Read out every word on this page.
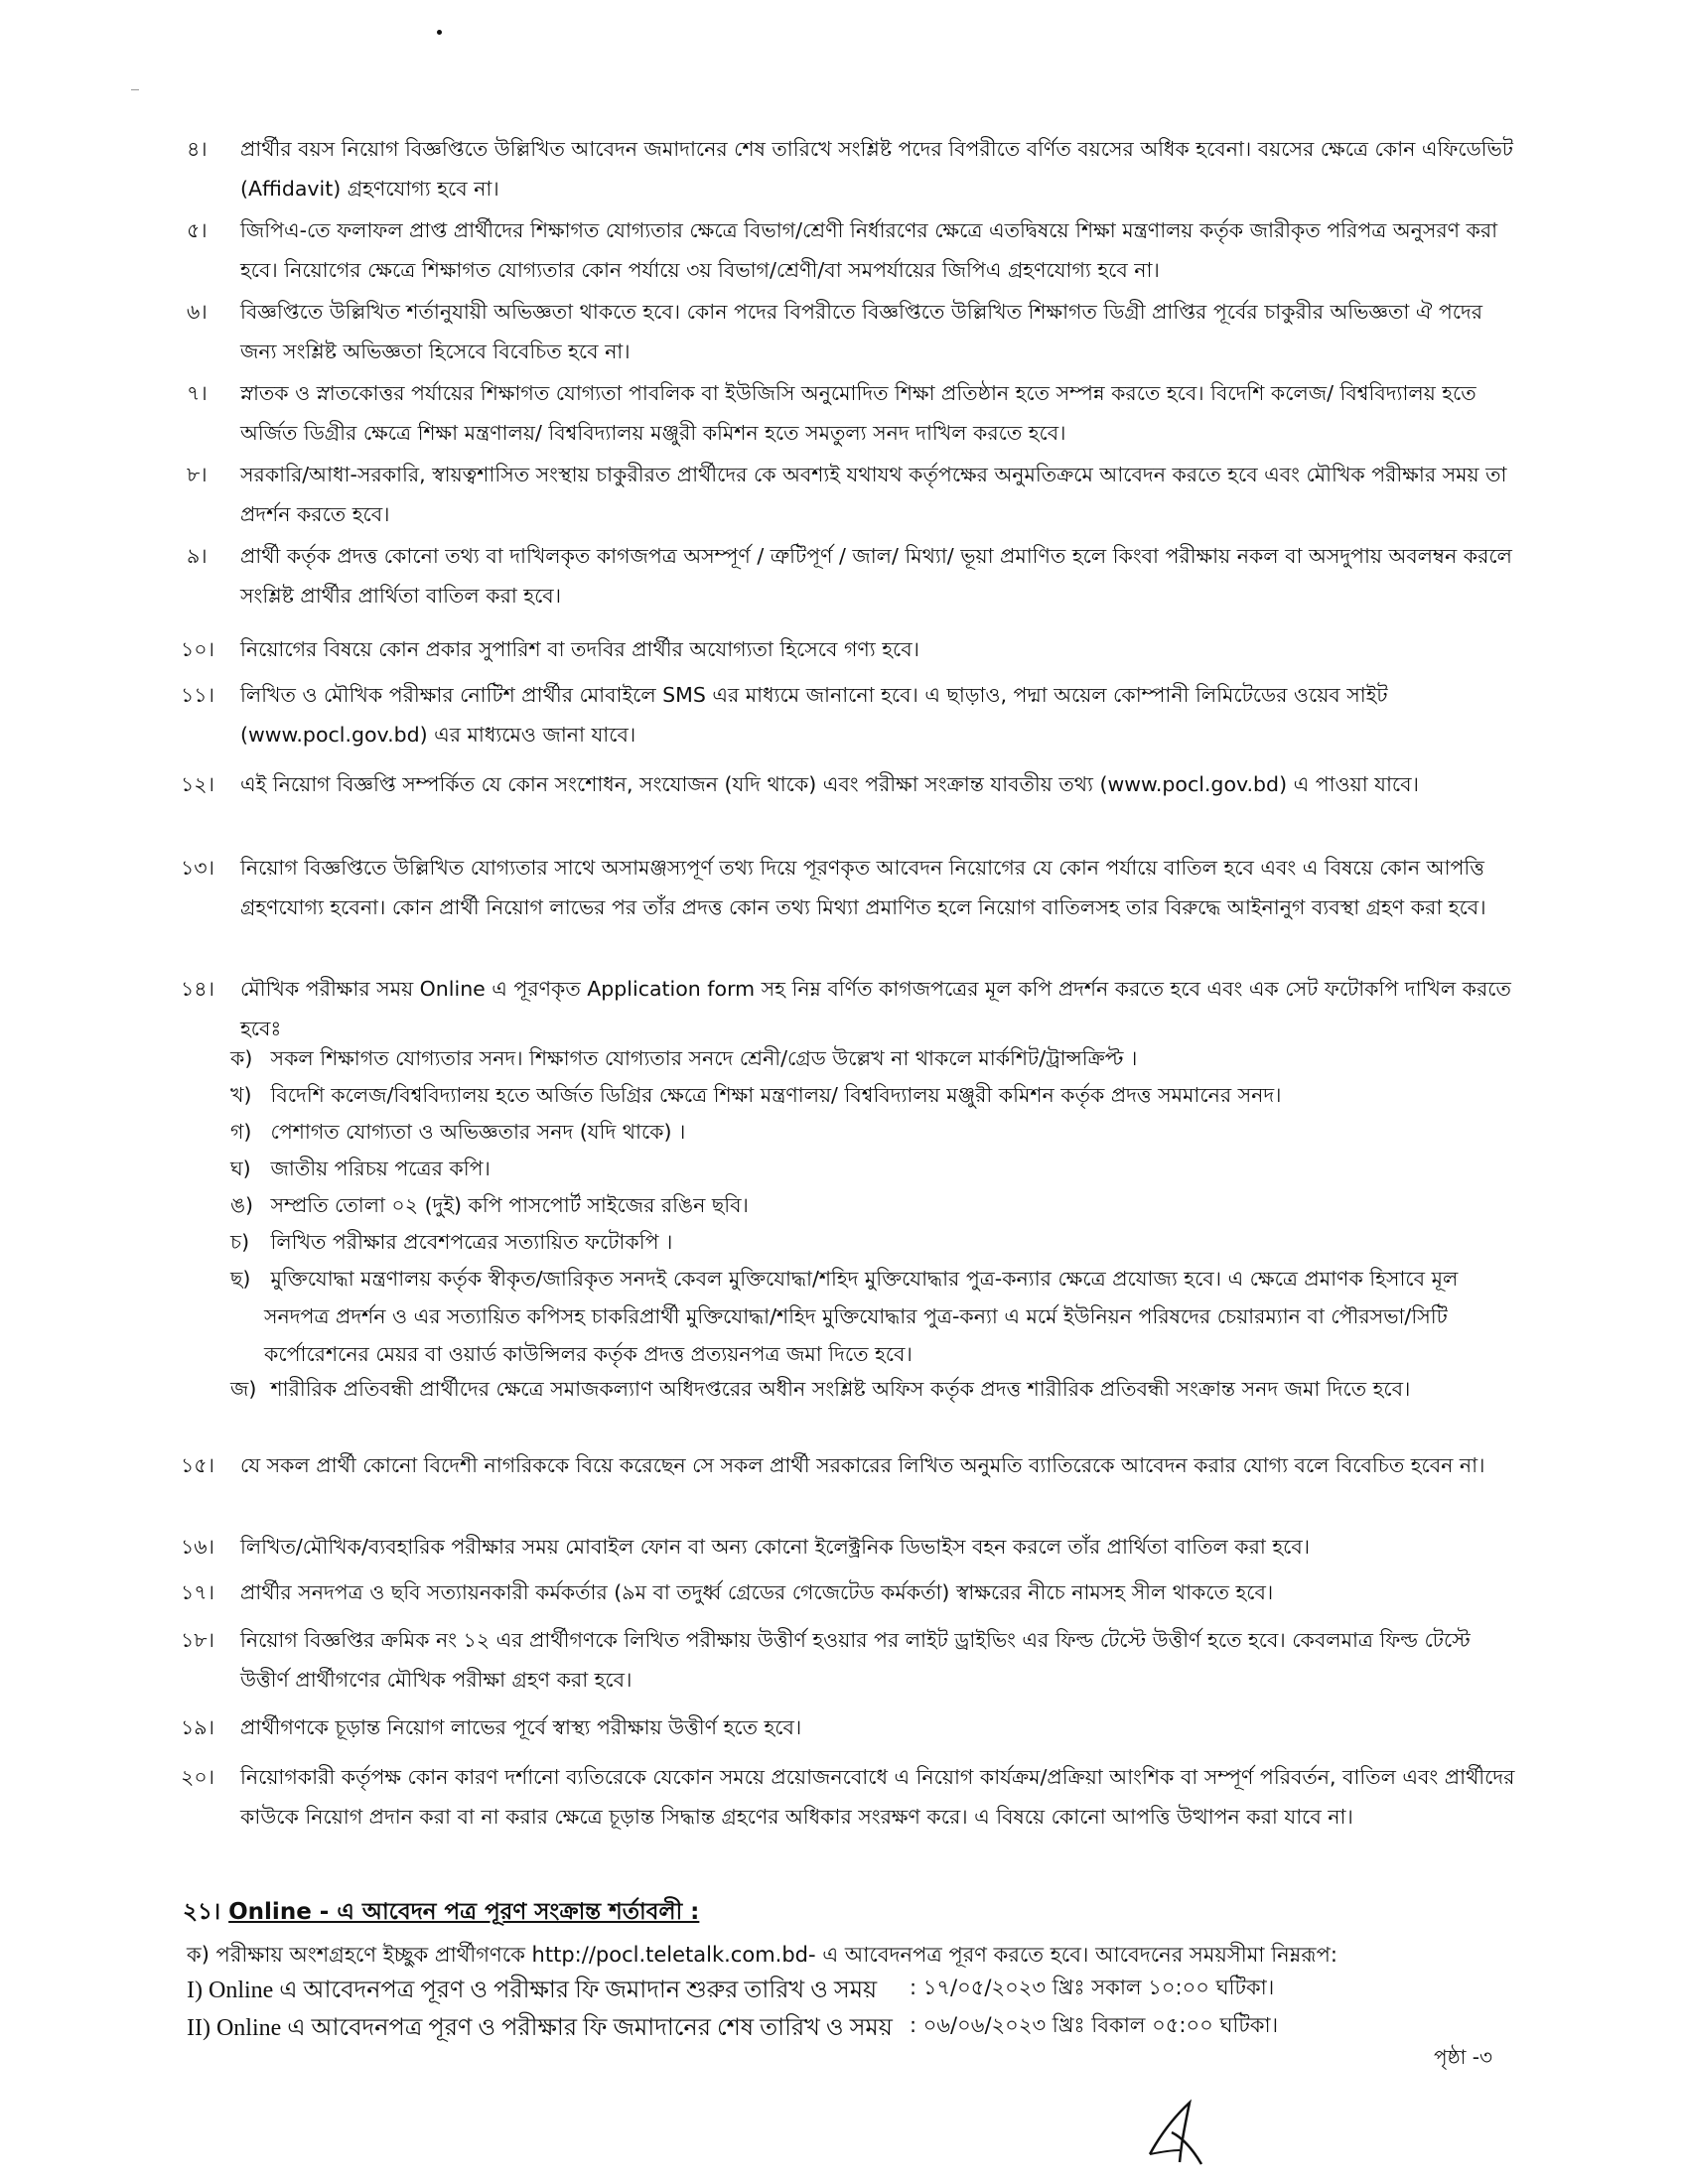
৪। প্রার্থীর বয়স নিয়োগ বিজ্ঞপ্তিতে উল্লিখিত আবেদন জমাদানের শেষ তারিখে সংশ্লিষ্ট পদের বিপরীতে বর্ণিত বয়সের অধিক হবেনা। বয়সের ক্ষেত্রে কোন এফিডেভিট (Affidavit) গ্রহণযোগ্য হবে না।
৫। জিপিএ-তে ফলাফল প্রাপ্ত প্রার্থীদের শিক্ষাগত যোগ্যতার ক্ষেত্রে বিভাগ/শ্রেণী নির্ধারণের ক্ষেত্রে এতদ্বিষয়ে শিক্ষা মন্ত্রণালয় কর্তৃক জারীকৃত পরিপত্র অনুসরণ করা হবে। নিয়োগের ক্ষেত্রে শিক্ষাগত যোগ্যতার কোন পর্যায়ে ৩য় বিভাগ/শ্রেণী/বা সমপর্যায়ের জিপিএ গ্রহণযোগ্য হবে না।
৬। বিজ্ঞপ্তিতে উল্লিখিত শর্তানুযায়ী অভিজ্ঞতা থাকতে হবে। কোন পদের বিপরীতে বিজ্ঞপ্তিতে উল্লিখিত শিক্ষাগত ডিগ্রী প্রাপ্তির পূর্বের চাকুরীর অভিজ্ঞতা ঐ পদের জন্য সংশ্লিষ্ট অভিজ্ঞতা হিসেবে বিবেচিত হবে না।
৭। স্নাতক ও স্নাতকোত্তর পর্যায়ের শিক্ষাগত যোগ্যতা পাবলিক বা ইউজিসি অনুমোদিত শিক্ষা প্রতিষ্ঠান হতে সম্পন্ন করতে হবে। বিদেশি কলেজ/ বিশ্ববিদ্যালয় হতে অর্জিত ডিগ্রীর ক্ষেত্রে শিক্ষা মন্ত্রণালয়/ বিশ্ববিদ্যালয় মঞ্জুরী কমিশন হতে সমতুল্য সনদ দাখিল করতে হবে।
৮। সরকারি/আধা-সরকারি, স্বায়ত্বশাসিত সংস্থায় চাকুরীরত প্রার্থীদের কে অবশ্যই যথাযথ কর্তৃপক্ষের অনুমতিক্রমে আবেদন করতে হবে এবং মৌখিক পরীক্ষার সময় তা প্রদর্শন করতে হবে।
৯। প্রার্থী কর্তৃক প্রদত্ত কোনো তথ্য বা দাখিলকৃত কাগজপত্র অসম্পূর্ণ / ত্রুটিপূর্ণ / জাল/ মিথ্যা/ ভূয়া প্রমাণিত হলে কিংবা পরীক্ষায় নকল বা অসদুপায় অবলম্বন করলে সংশ্লিষ্ট প্রার্থীর প্রার্থিতা বাতিল করা হবে।
১০। নিয়োগের বিষয়ে কোন প্রকার সুপারিশ বা তদবির প্রার্থীর অযোগ্যতা হিসেবে গণ্য হবে।
১১। লিখিত ও মৌখিক পরীক্ষার নোটিশ প্রার্থীর মোবাইলে SMS এর মাধ্যমে জানানো হবে। এ ছাড়াও, পদ্মা অয়েল কোম্পানী লিমিটেডের ওয়েব সাইট (www.pocl.gov.bd) এর মাধ্যমেও জানা যাবে।
১২। এই নিয়োগ বিজ্ঞপ্তি সম্পর্কিত যে কোন সংশোধন, সংযোজন (যদি থাকে) এবং পরীক্ষা সংক্রান্ত যাবতীয় তথ্য (www.pocl.gov.bd) এ পাওয়া যাবে।
১৩। নিয়োগ বিজ্ঞপ্তিতে উল্লিখিত যোগ্যতার সাথে অসামঞ্জস্যপূর্ণ তথ্য দিয়ে পূরণকৃত আবেদন নিয়োগের যে কোন পর্যায়ে বাতিল হবে এবং এ বিষয়ে কোন আপত্তি গ্রহণযোগ্য হবেনা। কোন প্রার্থী নিয়োগ লাভের পর তাঁর প্রদত্ত কোন তথ্য মিথ্যা প্রমাণিত হলে নিয়োগ বাতিলসহ তার বিরুদ্ধে আইনানুগ ব্যবস্থা গ্রহণ করা হবে।
১৪। মৌখিক পরীক্ষার সময় Online এ পূরণকৃত Application form সহ নিম্ন বর্ণিত কাগজপত্রের মূল কপি প্রদর্শন করতে হবে এবং এক সেট ফটোকপি দাখিল করতে হবেঃ
ক) সকল শিক্ষাগত যোগ্যতার সনদ। শিক্ষাগত যোগ্যতার সনদে শ্রেনী/গ্রেড উল্লেখ না থাকলে মার্কশিট/ট্রান্সক্রিপ্ট ।
খ) বিদেশি কলেজ/বিশ্ববিদ্যালয় হতে অর্জিত ডিগ্রির ক্ষেত্রে শিক্ষা মন্ত্রণালয়/ বিশ্ববিদ্যালয় মঞ্জুরী কমিশন কর্তৃক প্রদত্ত সমমানের সনদ।
গ) পেশাগত যোগ্যতা ও অভিজ্ঞতার সনদ (যদি থাকে) ।
ঘ) জাতীয় পরিচয় পত্রের কপি।
ঙ) সম্প্রতি তোলা ০২ (দুই) কপি পাসপোর্ট সাইজের রঙিন ছবি।
চ) লিখিত পরীক্ষার প্রবেশপত্রের সত্যায়িত ফটোকপি ।
ছ) মুক্তিযোদ্ধা মন্ত্রণালয় কর্তৃক স্বীকৃত/জারিকৃত সনদই কেবল মুক্তিযোদ্ধা/শহিদ মুক্তিযোদ্ধার পুত্র-কন্যার ক্ষেত্রে প্রযোজ্য হবে। এ ক্ষেত্রে প্রমাণক হিসাবে মূল সনদপত্র প্রদর্শন ও এর সত্যায়িত কপিসহ চাকরিপ্রার্থী মুক্তিযোদ্ধা/শহিদ মুক্তিযোদ্ধার পুত্র-কন্যা এ মর্মে ইউনিয়ন পরিষদের চেয়ারম্যান বা পৌরসভা/সিটি কর্পোরেশনের মেয়র বা ওয়ার্ড কাউন্সিলর কর্তৃক প্রদত্ত প্রত্যয়নপত্র জমা দিতে হবে।
জ) শারীরিক প্রতিবন্ধী প্রার্থীদের ক্ষেত্রে সমাজকল্যাণ অধিদপ্তরের অধীন সংশ্লিষ্ট অফিস কর্তৃক প্রদত্ত শারীরিক প্রতিবন্ধী সংক্রান্ত সনদ জমা দিতে হবে।
১৫। যে সকল প্রার্থী কোনো বিদেশী নাগরিককে বিয়ে করেছেন সে সকল প্রার্থী সরকারের লিখিত অনুমতি ব্যাতিরেকে আবেদন করার যোগ্য বলে বিবেচিত হবেন না।
১৬। লিখিত/মৌখিক/ব্যবহারিক পরীক্ষার সময় মোবাইল ফোন বা অন্য কোনো ইলেক্ট্রনিক ডিভাইস বহন করলে তাঁর প্রার্থিতা বাতিল করা হবে।
১৭। প্রার্থীর সনদপত্র ও ছবি সত্যায়নকারী কর্মকর্তার (৯ম বা তদুর্ধ্ব গ্রেডের গেজেটেড কর্মকর্তা) স্বাক্ষরের নীচে নামসহ সীল থাকতে হবে।
১৮। নিয়োগ বিজ্ঞপ্তির ক্রমিক নং ১২ এর প্রার্থীগণকে লিখিত পরীক্ষায় উত্তীর্ণ হওয়ার পর লাইট ড্রাইভিং এর ফিল্ড টেস্টে উত্তীর্ণ হতে হবে। কেবলমাত্র ফিল্ড টেস্টে উত্তীর্ণ প্রার্থীগণের মৌখিক পরীক্ষা গ্রহণ করা হবে।
১৯। প্রার্থীগণকে চূড়ান্ত নিয়োগ লাভের পূর্বে স্বাস্থ্য পরীক্ষায় উত্তীর্ণ হতে হবে।
২০। নিয়োগকারী কর্তৃপক্ষ কোন কারণ দর্শানো ব্যতিরেকে যেকোন সময়ে প্রয়োজনবোধে এ নিয়োগ কার্যক্রম/প্রক্রিয়া আংশিক বা সম্পূর্ণ পরিবর্তন, বাতিল এবং প্রার্থীদের কাউকে নিয়োগ প্রদান করা বা না করার ক্ষেত্রে চূড়ান্ত সিদ্ধান্ত গ্রহণের অধিকার সংরক্ষণ করে। এ বিষয়ে কোনো আপত্তি উত্থাপন করা যাবে না।
২১। Online - এ আবেদন পত্র পূরণ সংক্রান্ত শর্তাবলী :
ক) পরীক্ষায় অংশগ্রহণে ইচ্ছুক প্রার্থীগণকে http://pocl.teletalk.com.bd- এ আবেদনপত্র পূরণ করতে হবে। আবেদনের সময়সীমা নিম্নরূপ:
I) Online এ আবেদনপত্র পূরণ ও পরীক্ষার ফি জমাদান শুরুর তারিখ ও সময় : ১৭/০৫/২০২৩ খ্রিঃ সকাল ১০:০০ ঘটিকা।
II) Online এ আবেদনপত্র পূরণ ও পরীক্ষার ফি জমাদানের শেষ তারিখ ও সময় : ০৬/০৬/২০২৩ খ্রিঃ বিকাল ০৫:০০ ঘটিকা।
পৃষ্ঠা -৩
